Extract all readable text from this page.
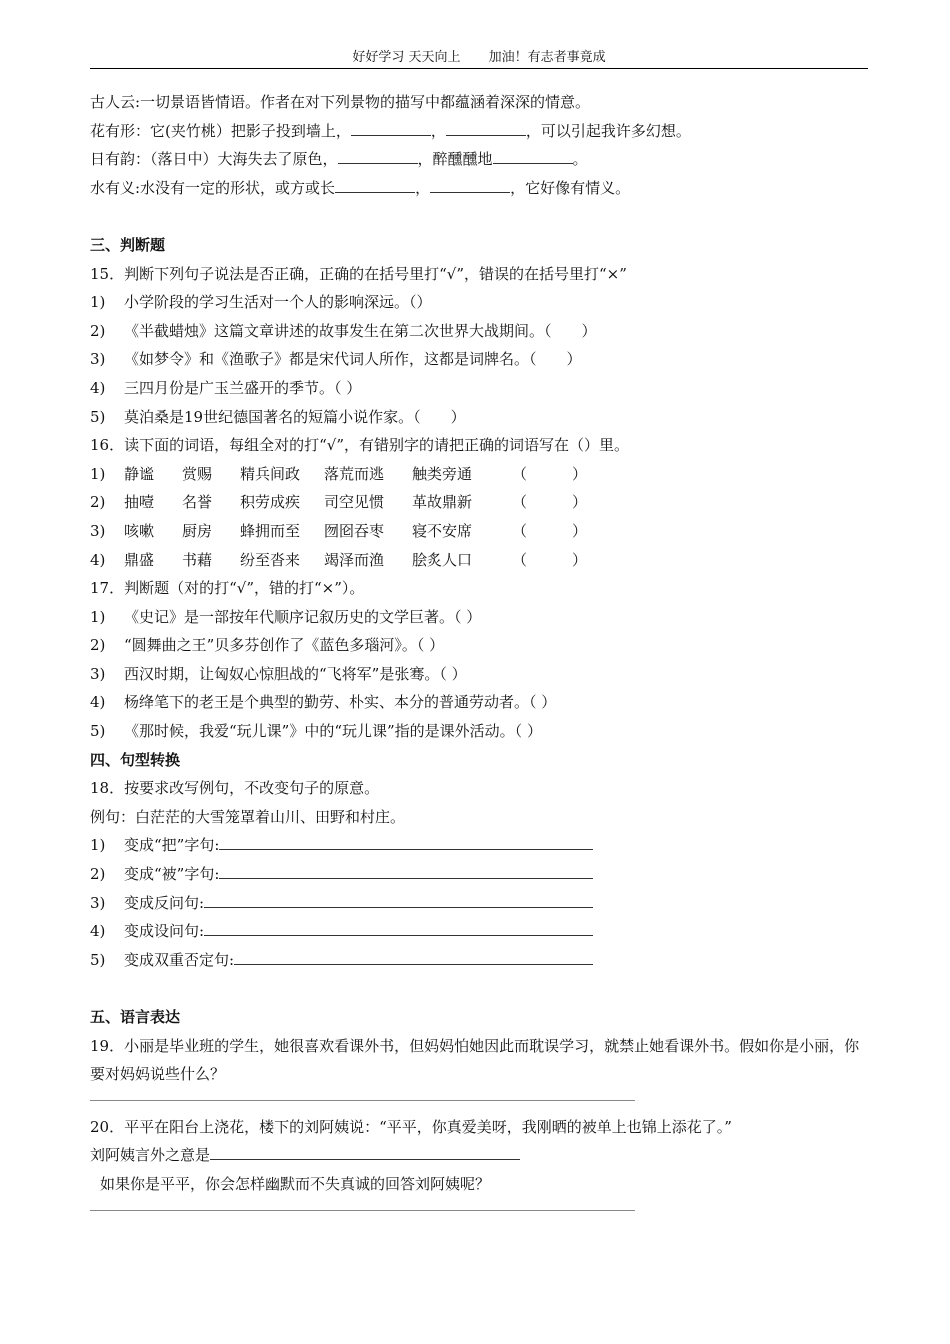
好好学习 天天向上 加油！有志者事竟成
古人云:一切景语皆情语。作者在对下列景物的描写中都蕴涵着深深的情意。
花有形：它(夹竹桃）把影子投到墙上，	，	，可以引起我许多幻想。
日有韵：（落日中）大海失去了原色，	，醉醺醺地	。
水有义:水没有一定的形状，或方或长	，	，它好像有情义。
三、判断题
15．判断下列句子说法是否正确，正确的在括号里打“√”，错误的在括号里打“×”
1) 小学阶段的学习生活对一个人的影响深远。（）
2) 《半截蜡烛》这篇文章讲述的故事发生在第二次世界大战期间。（　　）
3) 《如梦令》和《渔歌子》都是宋代词人所作，这都是词牌名。（　　）
4) 三四月份是广玉兰盛开的季节。（ ）
5) 莫泊桑是19世纪德国著名的短篇小说作家。（　　）
16．读下面的词语，每组全对的打“√”，有错别字的请把正确的词语写在（）里。
1) 静谧 赏赐 精兵间政 落荒而逃 触类旁通	（　　　）
2) 抽噎 名誉 积劳成疾 司空见惯 革故鼎新	（　　　）
3) 咳嗽 厨房 蜂拥而至 囫囵吞枣 寝不安席	（　　　）
4) 鼎盛 书藉 纷至沓来 竭泽而渔 脍炙人口	（　　　）
17．判断题（对的打“√”，错的打“×”）。
1) 《史记》是一部按年代顺序记叙历史的文学巨著。（ ）
2) “圆舞曲之王”贝多芬创作了《蓝色多瑙河》。（ ）
3) 西汉时期，让匈奴心惊胆战的“飞将军”是张骞。（ ）
4) 杨绛笔下的老王是个典型的勤劳、朴实、本分的普通劳动者。（ ）
5) 《那时候，我爱“玩儿课”》中的“玩儿课”指的是课外活动。（ ）
四、句型转换
18．按要求改写例句，不改变句子的原意。
例句：白茫茫的大雪笼罩着山川、田野和村庄。
1) 变成“把”字句:
2) 变成“被”字句:
3) 变成反问句:
4) 变成设问句:
5) 变成双重否定句:
五、语言表达
19．小丽是毕业班的学生，她很喜欢看课外书，但妈妈怕她因此而耽误学习，就禁止她看课外书。假如你是小丽，你要对妈妈说些什么？
20．平平在阳台上浇花，楼下的刘阿姨说：“平平，你真爱美呀，我刚晒的被单上也锦上添花了。”
刘阿姨言外之意是
如果你是平平，你会怎样幽默而不失真诚的回答刘阿姨呢？
